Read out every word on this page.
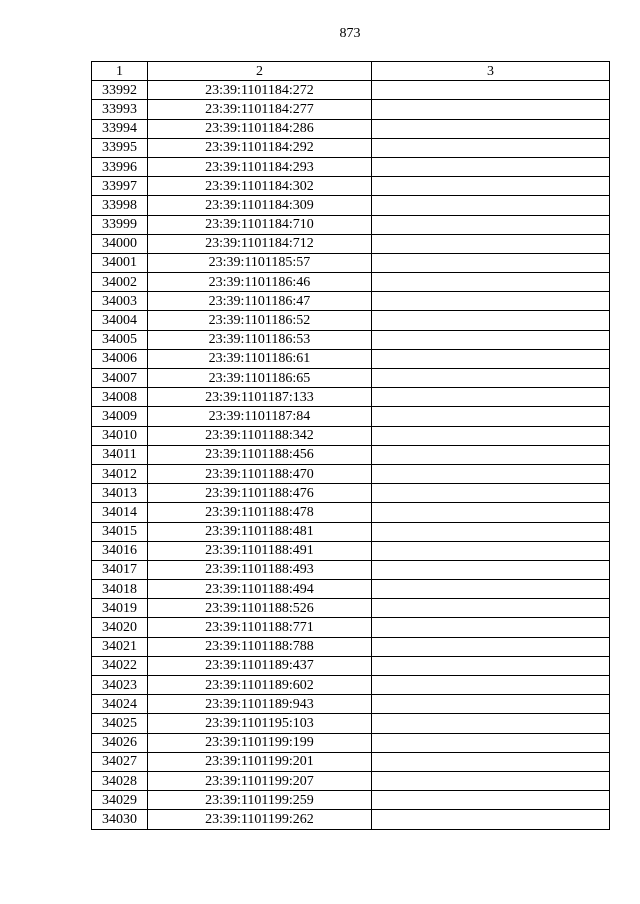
873
1	2	3
33992	23:39:1101184:272	
33993	23:39:1101184:277	
33994	23:39:1101184:286	
33995	23:39:1101184:292	
33996	23:39:1101184:293	
33997	23:39:1101184:302	
33998	23:39:1101184:309	
33999	23:39:1101184:710	
34000	23:39:1101184:712	
34001	23:39:1101185:57	
34002	23:39:1101186:46	
34003	23:39:1101186:47	
34004	23:39:1101186:52	
34005	23:39:1101186:53	
34006	23:39:1101186:61	
34007	23:39:1101186:65	
34008	23:39:1101187:133	
34009	23:39:1101187:84	
34010	23:39:1101188:342	
34011	23:39:1101188:456	
34012	23:39:1101188:470	
34013	23:39:1101188:476	
34014	23:39:1101188:478	
34015	23:39:1101188:481	
34016	23:39:1101188:491	
34017	23:39:1101188:493	
34018	23:39:1101188:494	
34019	23:39:1101188:526	
34020	23:39:1101188:771	
34021	23:39:1101188:788	
34022	23:39:1101189:437	
34023	23:39:1101189:602	
34024	23:39:1101189:943	
34025	23:39:1101195:103	
34026	23:39:1101199:199	
34027	23:39:1101199:201	
34028	23:39:1101199:207	
34029	23:39:1101199:259	
34030	23:39:1101199:262	
